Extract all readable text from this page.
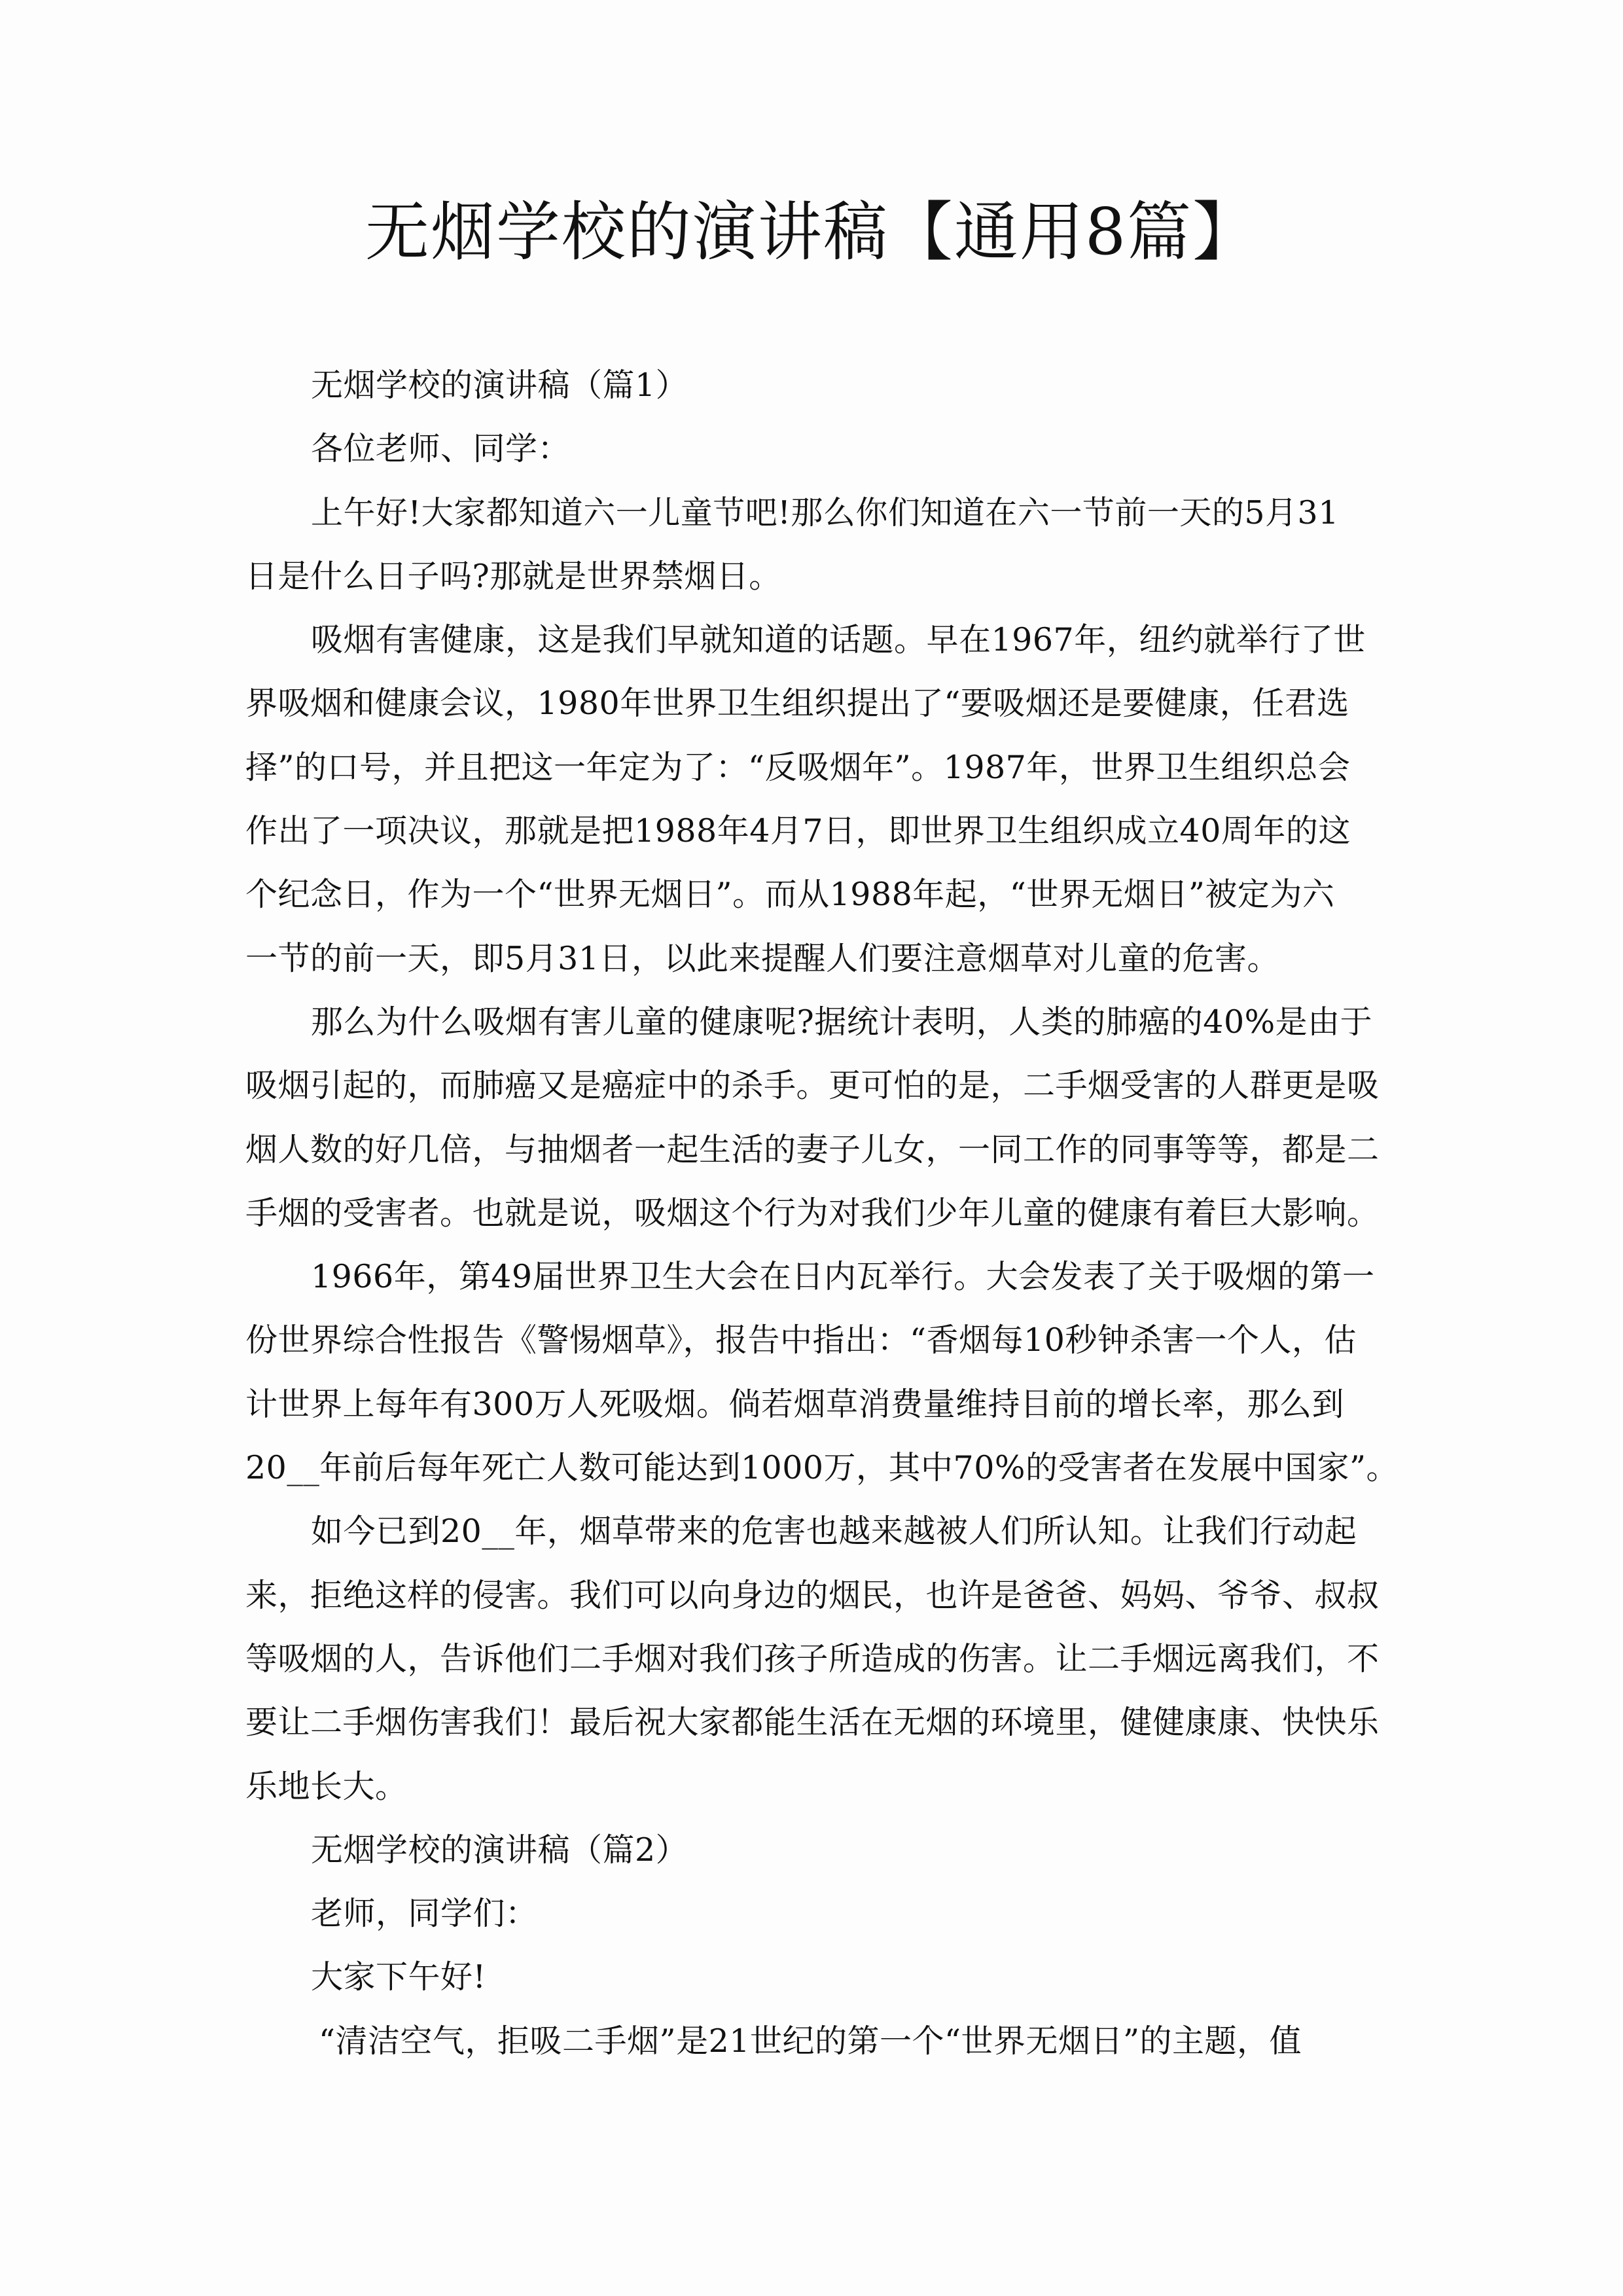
无烟学校的演讲稿【通用8篇】

无烟学校的演讲稿（篇1）

各位老师、同学：

上午好!大家都知道六一儿童节吧!那么你们知道在六一节前一天的5月31

日是什么日子吗?那就是世界禁烟日。

吸烟有害健康，这是我们早就知道的话题。早在1967年，纽约就举行了世

界吸烟和健康会议，1980年世界卫生组织提出了“要吸烟还是要健康，任君选

择”的口号，并且把这一年定为了：“反吸烟年”。1987年，世界卫生组织总会

作出了一项决议，那就是把1988年4月7日，即世界卫生组织成立40周年的这

个纪念日，作为一个“世界无烟日”。而从1988年起，“世界无烟日”被定为六

一节的前一天，即5月31日，以此来提醒人们要注意烟草对儿童的危害。

那么为什么吸烟有害儿童的健康呢?据统计表明，人类的肺癌的40%是由于

吸烟引起的，而肺癌又是癌症中的杀手。更可怕的是，二手烟受害的人群更是吸

烟人数的好几倍，与抽烟者一起生活的妻子儿女，一同工作的同事等等，都是二

手烟的受害者。也就是说，吸烟这个行为对我们少年儿童的健康有着巨大影响。

1966年，第49届世界卫生大会在日内瓦举行。大会发表了关于吸烟的第一

份世界综合性报告《警惕烟草》，报告中指出：“香烟每10秒钟杀害一个人，估

计世界上每年有300万人死吸烟。倘若烟草消费量维持目前的增长率，那么到

20__年前后每年死亡人数可能达到1000万，其中70%的受害者在发展中国家”。

如今已到20__年，烟草带来的危害也越来越被人们所认知。让我们行动起

来，拒绝这样的侵害。我们可以向身边的烟民，也许是爸爸、妈妈、爷爷、叔叔

等吸烟的人，告诉他们二手烟对我们孩子所造成的伤害。让二手烟远离我们，不

要让二手烟伤害我们！最后祝大家都能生活在无烟的环境里，健健康康、快快乐

乐地长大。

无烟学校的演讲稿（篇2）

老师，同学们：

大家下午好!

“清洁空气，拒吸二手烟”是21世纪的第一个“世界无烟日”的主题，值
